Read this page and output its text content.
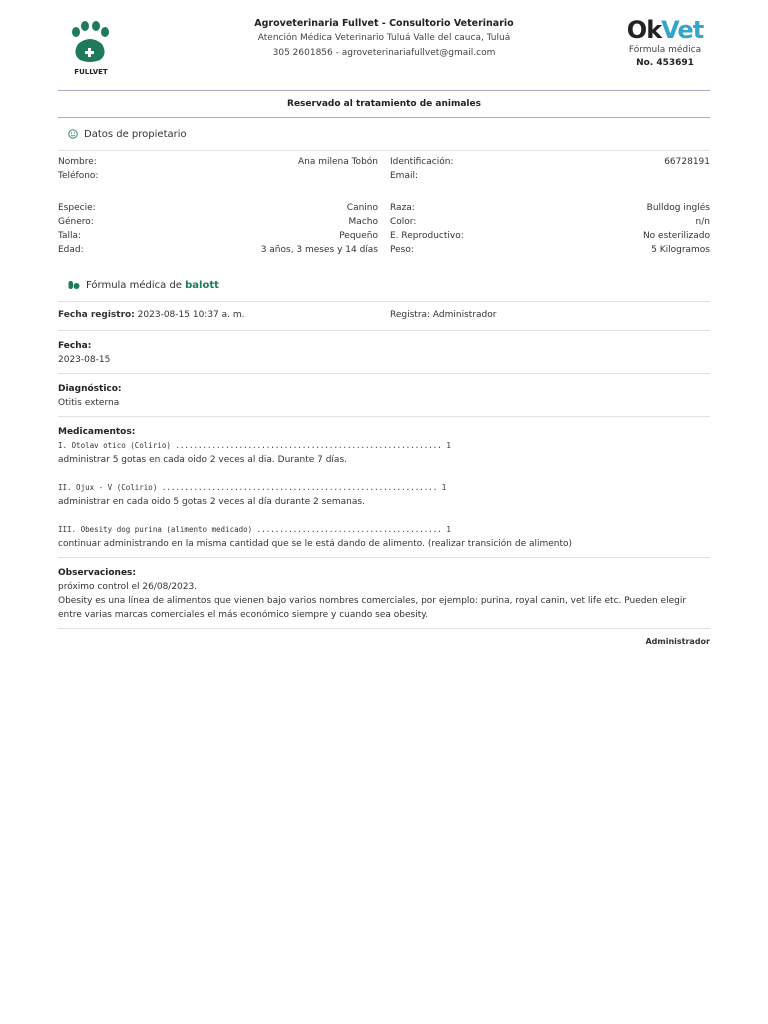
FULLVET
Agroveterinaria Fullvet - Consultorio Veterinario
Atención Médica Veterinario Tuluá Valle del cauca, Tuluá
305 2601856 - agroveterinariafullvet@gmail.com
OkVet
Fórmula médica
No. 453691
Reservado al tratamiento de animales
Datos de propietario
Nombre:	Ana milena Tobón Identificación:	66728191
Teléfono:	Email:
Especie:	Canino Raza:	Bulldog inglés
Género:	Macho Color:	n/n
Talla:	Pequeño E. Reproductivo:	No esterilizado
Edad:	3 años, 3 meses y 14 días Peso:	5 Kilogramos
Fórmula médica de
balott
Fecha registro:
2023-08-15 10:37 a. m.	Registra: Administrador
Fecha:
2023-08-15
Diagnóstico:
Otitis externa
Medicamentos:
I. Otolav otico (Colirio) ........................................................... 1
administrar 5 gotas en cada oido 2 veces al dia. Durante 7 días.
II. Ojux - V (Colirio) ............................................................. 1
administrar en cada oido 5 gotas 2 veces al día durante 2 semanas.
III. Obesity dog purina (alimento medicado) ......................................... 1
continuar administrando en la misma cantidad que se le está dando de alimento. (realizar transición de alimento)
Observaciones:
próximo control el 26/08/2023.
Obesity es una línea de alimentos que vienen bajo varios nombres comerciales, por ejemplo: purina, royal canin, vet life etc. Pueden elegir entre varias marcas comerciales el más económico siempre y cuando sea obesity.
Administrador
